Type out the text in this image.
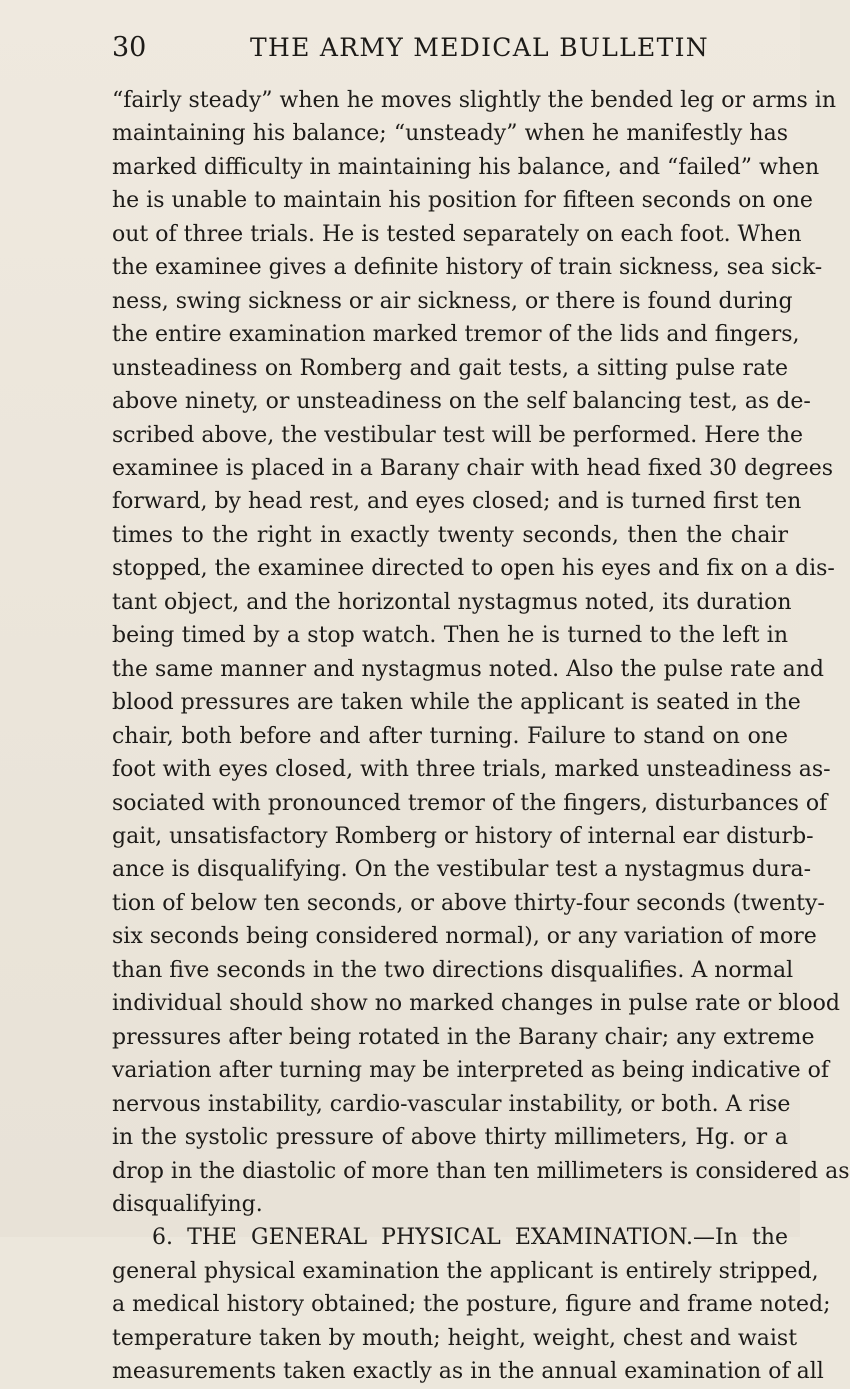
30	THE ARMY MEDICAL BULLETIN
“fairly steady” when he moves slightly the bended leg or arms in
maintaining his balance; “unsteady” when he manifestly has
marked difficulty in maintaining his balance, and “failed” when
he is unable to maintain his position for fifteen seconds on one
out of three trials. He is tested separately on each foot. When
the examinee gives a definite history of train sickness, sea sick-
ness, swing sickness or air sickness, or there is found during
the entire examination marked tremor of the lids and fingers,
unsteadiness on Romberg and gait tests, a sitting pulse rate
above ninety, or unsteadiness on the self balancing test, as de-
scribed above, the vestibular test will be performed. Here the
examinee is placed in a Barany chair with head fixed 30 degrees
forward, by head rest, and eyes closed; and is turned first ten
times to the right in exactly twenty seconds, then the chair
stopped, the examinee directed to open his eyes and fix on a dis-
tant object, and the horizontal nystagmus noted, its duration
being timed by a stop watch. Then he is turned to the left in
the same manner and nystagmus noted. Also the pulse rate and
blood pressures are taken while the applicant is seated in the
chair, both before and after turning. Failure to stand on one
foot with eyes closed, with three trials, marked unsteadiness as-
sociated with pronounced tremor of the fingers, disturbances of
gait, unsatisfactory Romberg or history of internal ear disturb-
ance is disqualifying. On the vestibular test a nystagmus dura-
tion of below ten seconds, or above thirty-four seconds (twenty-
six seconds being considered normal), or any variation of more
than five seconds in the two directions disqualifies. A normal
individual should show no marked changes in pulse rate or blood
pressures after being rotated in the Barany chair; any extreme
variation after turning may be interpreted as being indicative of
nervous instability, cardio-vascular instability, or both. A rise
in the systolic pressure of above thirty millimeters, Hg. or a
drop in the diastolic of more than ten millimeters is considered as
disqualifying.
6. THE GENERAL PHYSICAL EXAMINATION.—In the
general physical examination the applicant is entirely stripped,
a medical history obtained; the posture, figure and frame noted;
temperature taken by mouth; height, weight, chest and waist
measurements taken exactly as in the annual examination of all
